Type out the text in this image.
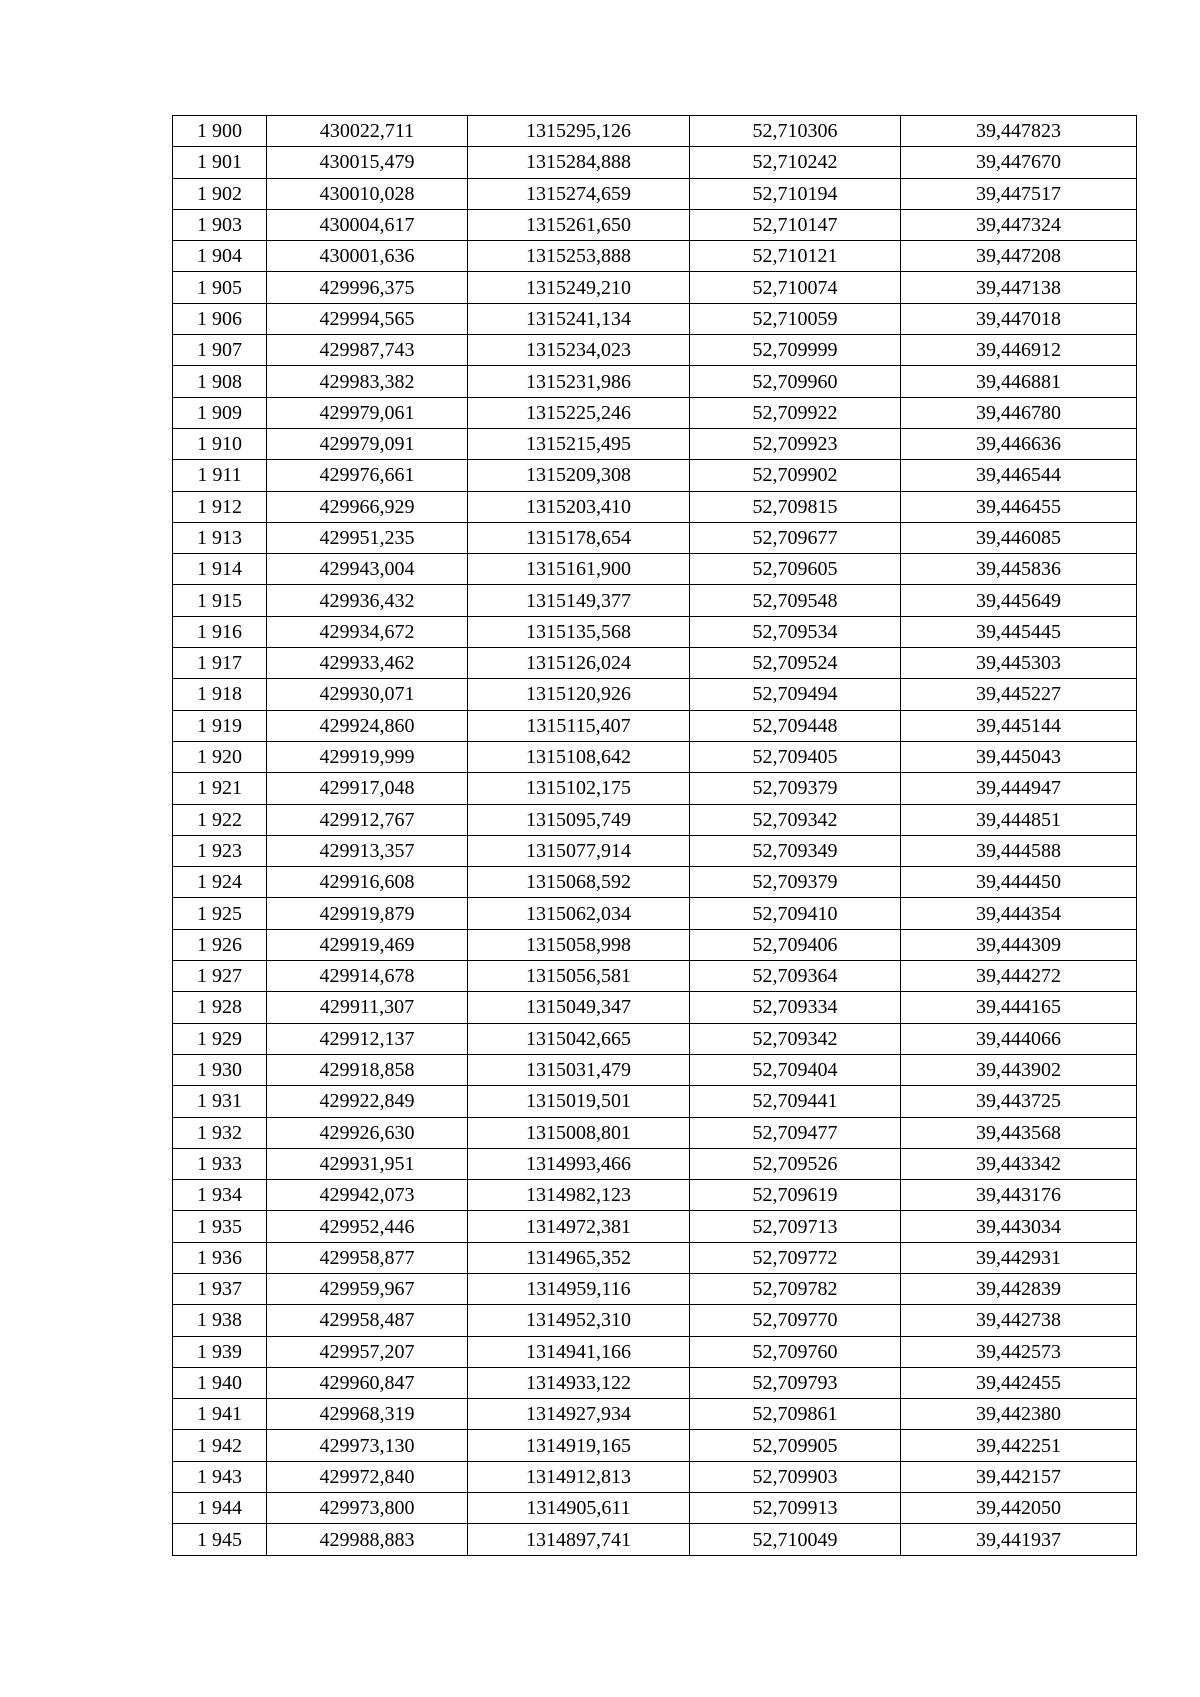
1 900	430022,711	1315295,126	52,710306	39,447823
1 901	430015,479	1315284,888	52,710242	39,447670
1 902	430010,028	1315274,659	52,710194	39,447517
1 903	430004,617	1315261,650	52,710147	39,447324
1 904	430001,636	1315253,888	52,710121	39,447208
1 905	429996,375	1315249,210	52,710074	39,447138
1 906	429994,565	1315241,134	52,710059	39,447018
1 907	429987,743	1315234,023	52,709999	39,446912
1 908	429983,382	1315231,986	52,709960	39,446881
1 909	429979,061	1315225,246	52,709922	39,446780
1 910	429979,091	1315215,495	52,709923	39,446636
1 911	429976,661	1315209,308	52,709902	39,446544
1 912	429966,929	1315203,410	52,709815	39,446455
1 913	429951,235	1315178,654	52,709677	39,446085
1 914	429943,004	1315161,900	52,709605	39,445836
1 915	429936,432	1315149,377	52,709548	39,445649
1 916	429934,672	1315135,568	52,709534	39,445445
1 917	429933,462	1315126,024	52,709524	39,445303
1 918	429930,071	1315120,926	52,709494	39,445227
1 919	429924,860	1315115,407	52,709448	39,445144
1 920	429919,999	1315108,642	52,709405	39,445043
1 921	429917,048	1315102,175	52,709379	39,444947
1 922	429912,767	1315095,749	52,709342	39,444851
1 923	429913,357	1315077,914	52,709349	39,444588
1 924	429916,608	1315068,592	52,709379	39,444450
1 925	429919,879	1315062,034	52,709410	39,444354
1 926	429919,469	1315058,998	52,709406	39,444309
1 927	429914,678	1315056,581	52,709364	39,444272
1 928	429911,307	1315049,347	52,709334	39,444165
1 929	429912,137	1315042,665	52,709342	39,444066
1 930	429918,858	1315031,479	52,709404	39,443902
1 931	429922,849	1315019,501	52,709441	39,443725
1 932	429926,630	1315008,801	52,709477	39,443568
1 933	429931,951	1314993,466	52,709526	39,443342
1 934	429942,073	1314982,123	52,709619	39,443176
1 935	429952,446	1314972,381	52,709713	39,443034
1 936	429958,877	1314965,352	52,709772	39,442931
1 937	429959,967	1314959,116	52,709782	39,442839
1 938	429958,487	1314952,310	52,709770	39,442738
1 939	429957,207	1314941,166	52,709760	39,442573
1 940	429960,847	1314933,122	52,709793	39,442455
1 941	429968,319	1314927,934	52,709861	39,442380
1 942	429973,130	1314919,165	52,709905	39,442251
1 943	429972,840	1314912,813	52,709903	39,442157
1 944	429973,800	1314905,611	52,709913	39,442050
1 945	429988,883	1314897,741	52,710049	39,441937
